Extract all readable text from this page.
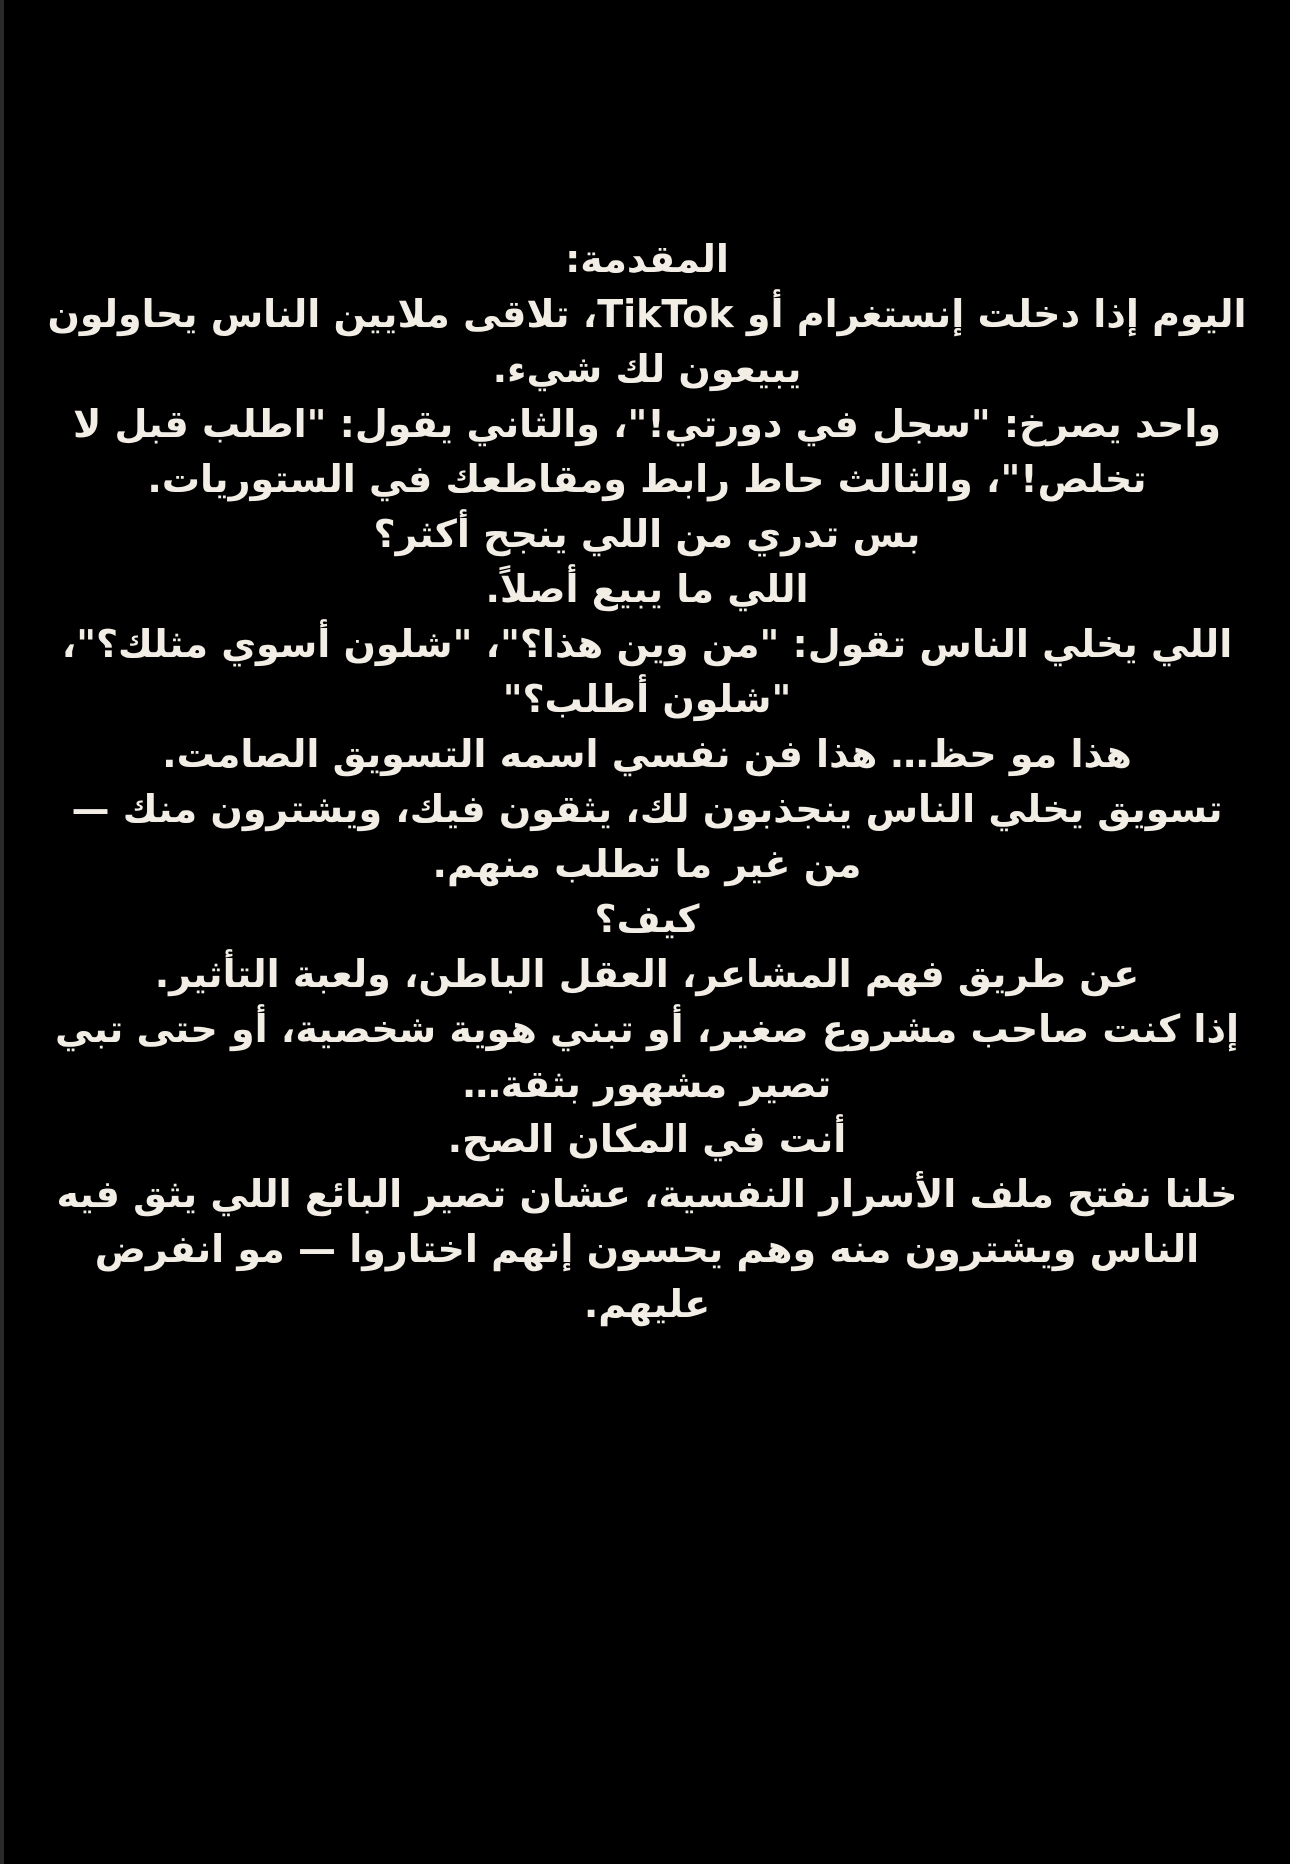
المقدمة:

اليوم إذا دخلت إنستغرام أو TikTok، تلاقى ملايين الناس يحاولون يبيعون لك شيء.

واحد يصرخ: "سجل في دورتي!"، والثاني يقول: "اطلب قبل لا تخلص!"، والثالث حاط رابط ومقاطعك في الستوريات.

بس تدري من اللي ينجح أكثر؟

اللي ما يبيع أصلاً.

اللي يخلي الناس تقول: "من وين هذا؟"، "شلون أسوي مثلك؟"، "شلون أطلب؟"

هذا مو حظ… هذا فن نفسي اسمه التسويق الصامت.

تسويق يخلي الناس ينجذبون لك، يثقون فيك، ويشترون منك — من غير ما تطلب منهم.

كيف؟

عن طريق فهم المشاعر، العقل الباطن، ولعبة التأثير.

إذا كنت صاحب مشروع صغير، أو تبني هوية شخصية، أو حتى تبي تصير مشهور بثقة…

أنت في المكان الصح.

خلنا نفتح ملف الأسرار النفسية، عشان تصير البائع اللي يثق فيه الناس ويشترون منه وهم يحسون إنهم اختاروا — مو انفرض عليهم.
